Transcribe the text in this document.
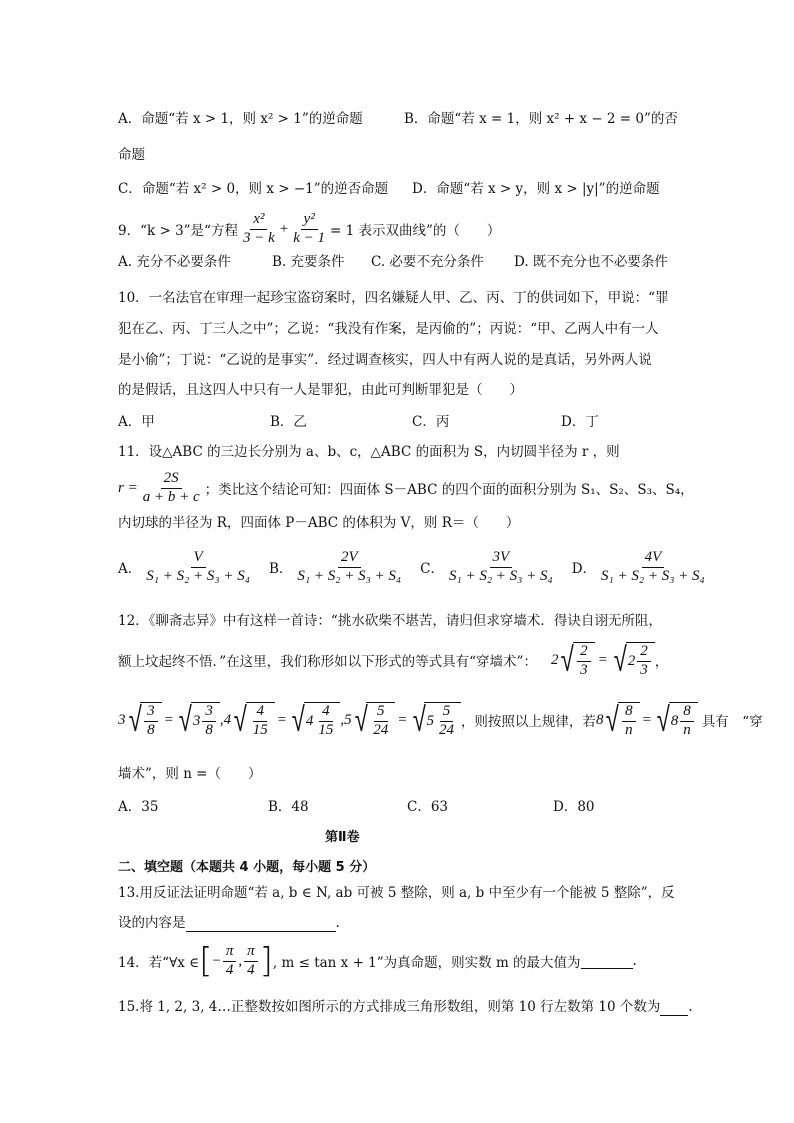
A．命题“若 x > 1，则 x² > 1”的逆命题	B．命题“若 x = 1，则 x² + x − 2 = 0”的否
命题
C．命题“若 x² > 0，则 x > −1”的逆否命题 D．命题“若 x > y，则 x > |y|”的逆命题
9．“k > 3”是“方程 $\frac{\text{x²}}{3 - k} + \frac{\text{y²}}{k - 1} = 1$ 表示双曲线”的（　　）
A. 充分不必要条件	B. 充要条件 C. 必要不充分条件 D. 既不充分也不必要条件
10．一名法官在审理一起珍宝盗窃案时，四名嫌疑人甲、乙、丙、丁的供词如下，甲说：“罪
犯在乙、丙、丁三人之中”；乙说：“我没有作案，是丙偷的”；丙说：“甲、乙两人中有一人
是小偷”；丁说：“乙说的是事实”．经过调查核实，四人中有两人说的是真话，另外两人说
的是假话，且这四人中只有一人是罪犯，由此可判断罪犯是（　　）
A．甲	B．乙	C．丙	D．丁
11．设△ABC 的三边长分别为 a、b、c，△ABC 的面积为 S，内切圆半径为 r ，则
$r = \frac{2S}{a + b + c}$ ；类比这个结论可知：四面体 S－ABC 的四个面的面积分别为 S₁、S₂、S₃、S₄，
内切球的半径为 R，四面体 P－ABC 的体积为 V，则 R＝（　　）
A． $\frac{V}{\text{S₁ + S₂ + S₃ + S₄}}$ B． $\frac{2V}{\text{S₁ + S₂ + S₃ + S₄}}$ C． $\frac{3V}{\text{S₁ + S₂ + S₃ + S₄}}$ D． $\frac{4V}{\text{S₁ + S₂ + S₃ + S₄}}$
12．《聊斋志异》中有这样一首诗：“挑水砍柴不堪苦，请归但求穿墙术．得诀自诩无所阻，
额上坟起终不悟．”在这里，我们称形如以下形式的等式具有“穿墙术”： 2 √ $\frac{2}{3}$ = √ $2 \frac{2}{3}$ ，
3 √ $\frac{3}{8}$ = √ $3 \frac{3}{8}$ , 4 √ $\frac{4}{15}$ = √ $4 \frac{4}{15}$ , 5 √ $\frac{5}{24}$ = √ $5 \frac{5}{24}$ ，则按照以上规律，若 8 √ $\frac{8}{n}$ = √ $8 \frac{8}{n}$ 具有　“穿
墙术”，则 n =（　　）
A．35	B．48	C．63	D．80
第Ⅱ卷
二、填空题（本题共 4 小题，每小题 5 分）
13.用反证法证明命题“若 a, b ∈ N, ab 可被 5 整除，则 a, b 中至少有一个能被 5 整除”，反
设的内容是	.
14．若“∀x ∈ [ − $\frac{\pi}{4}$ , $\frac{\pi}{4}$ ] , m ≤ tan x + 1”为真命题，则实数 m 的最大值为	.
15.将 1, 2, 3, 4…正整数按如图所示的方式排成三角形数组，则第 10 行左数第 10 个数为 .
